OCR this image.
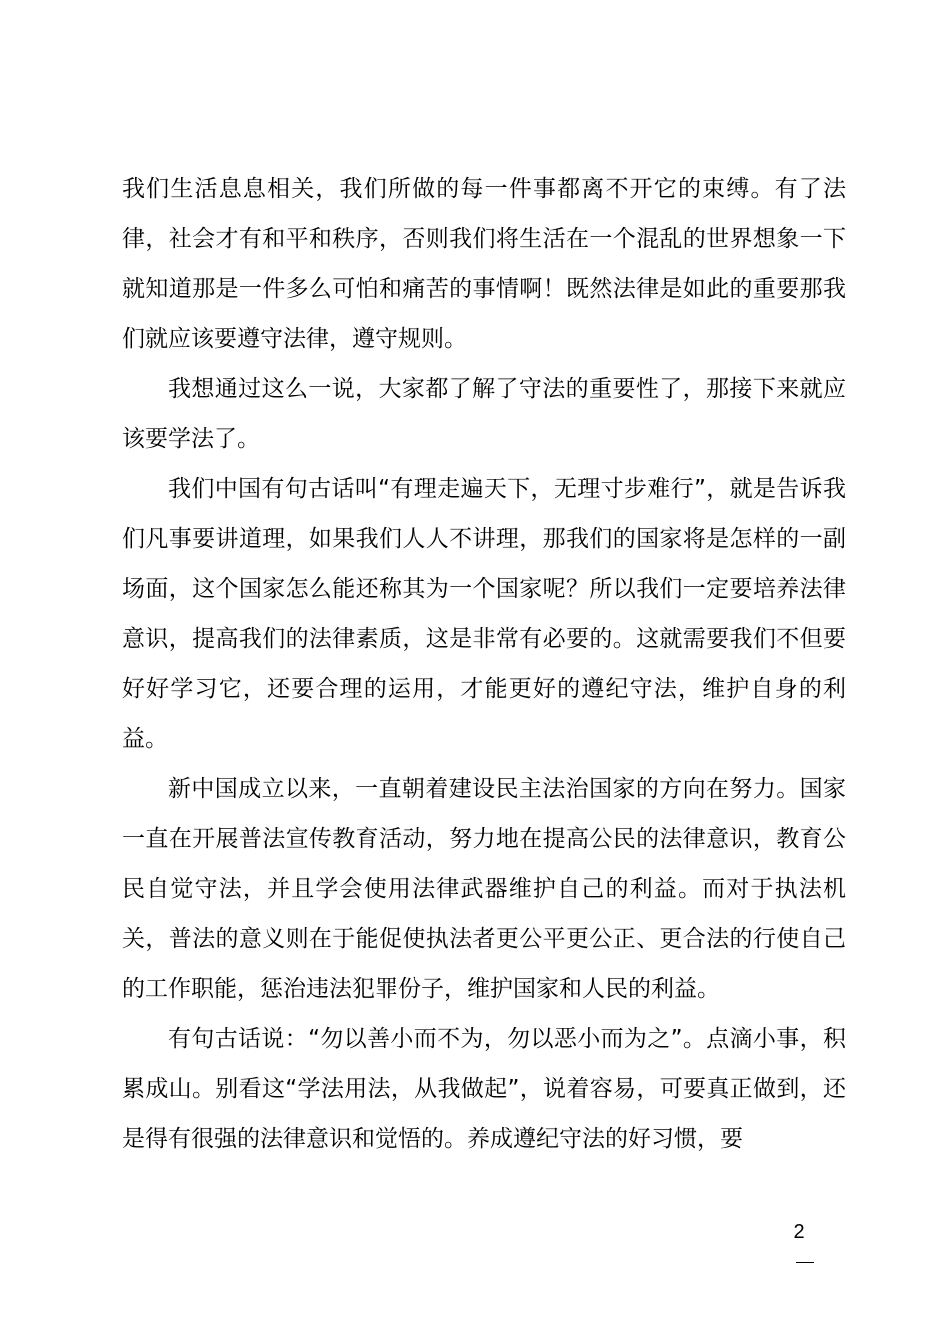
我们生活息息相关，我们所做的每一件事都离不开它的束缚。有了法律，社会才有和平和秩序，否则我们将生活在一个混乱的世界想象一下就知道那是一件多么可怕和痛苦的事情啊！既然法律是如此的重要那我们就应该要遵守法律，遵守规则。

我想通过这么一说，大家都了解了守法的重要性了，那接下来就应该要学法了。

我们中国有句古话叫“有理走遍天下，无理寸步难行”，就是告诉我们凡事要讲道理，如果我们人人不讲理，那我们的国家将是怎样的一副场面，这个国家怎么能还称其为一个国家呢？所以我们一定要培养法律意识，提高我们的法律素质，这是非常有必要的。这就需要我们不但要好好学习它，还要合理的运用，才能更好的遵纪守法，维护自身的利益。

新中国成立以来，一直朝着建设民主法治国家的方向在努力。国家一直在开展普法宣传教育活动，努力地在提高公民的法律意识，教育公民自觉守法，并且学会使用法律武器维护自己的利益。而对于执法机关，普法的意义则在于能促使执法者更公平更公正、更合法的行使自己的工作职能，惩治违法犯罪份子，维护国家和人民的利益。

有句古话说：“勿以善小而不为，勿以恶小而为之”。点滴小事，积累成山。别看这“学法用法，从我做起”，说着容易，可要真正做到，还是得有很强的法律意识和觉悟的。养成遵纪守法的好习惯，要

2
